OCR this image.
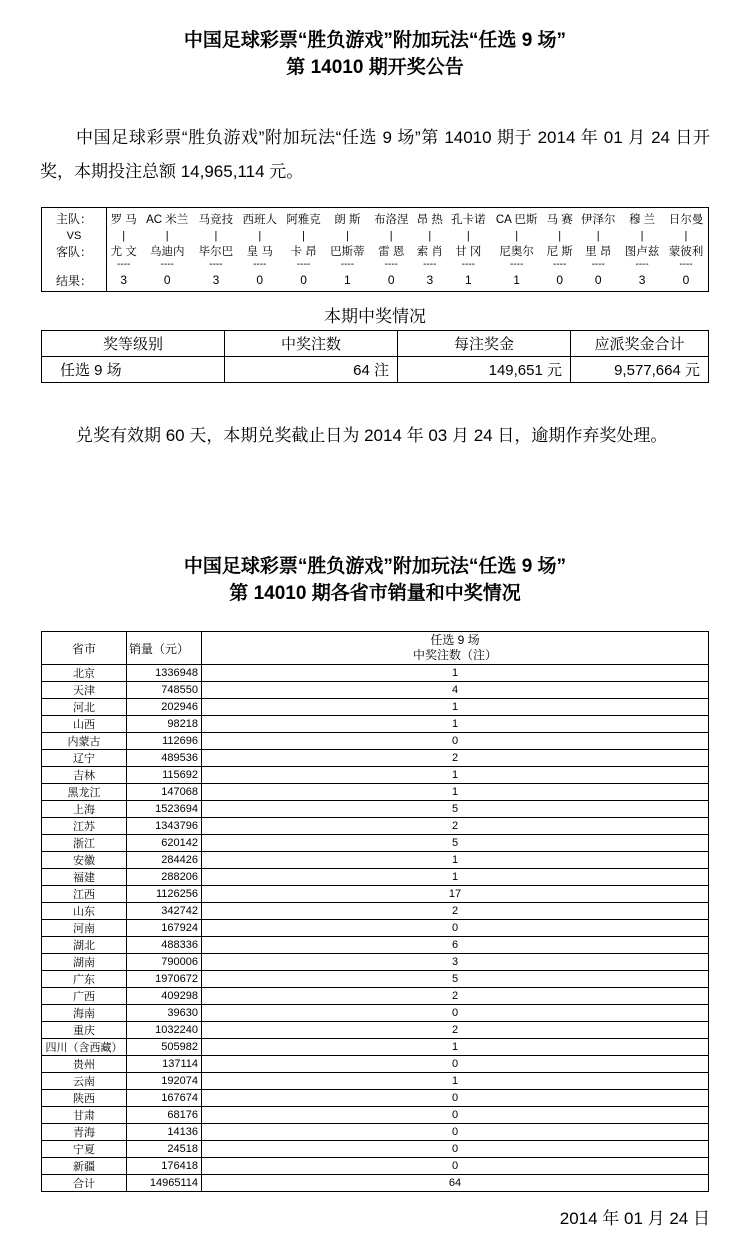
中国足球彩票“胜负游戏”附加玩法“任选 9 场”
第 14010 期开奖公告

中国足球彩票“胜负游戏”附加玩法“任选 9 场”第 14010 期于 2014 年 01 月 24 日开奖，本期投注总额 14,965,114 元。

主队：	罗 马	AC 米兰	马竞技	西班人	阿雅克	朗 斯	布洛涅	昂 热	孔卡诺	CA 巴斯	马 赛	伊泽尔	穆 兰	日尔曼
VS	|	|	|	|	|	|	|	|	|	|	|	|	|	|
客队：	尤 文	乌迪内	毕尔巴	皇 马	卡 昂	巴斯蒂	雷 恩	索 肖	甘 冈	尼奥尔	尼 斯	里 昂	图卢兹	蒙彼利
	----	----	----	----	----	----	----	----	----	----	----	----	----	----
结果：	3	0	3	0	0	1	0	3	1	1	0	0	3	0
本期中奖情况
奖等级别	中奖注数	每注奖金	应派奖金合计
任选 9 场	64 注	149,651 元	9,577,664 元

兑奖有效期 60 天，本期兑奖截止日为 2014 年 03 月 24 日，逾期作弃奖处理。

中国足球彩票“胜负游戏”附加玩法“任选 9 场”
第 14010 期各省市销量和中奖情况
省市	销量（元）	任选 9 场
中奖注数（注）

北京	1336948	1
天津	748550	4
河北	202946	1
山西	98218	1
内蒙古	112696	0
辽宁	489536	2
吉林	115692	1
黑龙江	147068	1
上海	1523694	5
江苏	1343796	2
浙江	620142	5
安徽	284426	1
福建	288206	1
江西	1126256	17
山东	342742	2
河南	167924	0
湖北	488336	6
湖南	790006	3
广东	1970672	5
广西	409298	2
海南	39630	0
重庆	1032240	2
四川（含西藏）	505982	1
贵州	137114	0
云南	192074	1
陕西	167674	0
甘肃	68176	0
青海	14136	0
宁夏	24518	0
新疆	176418	0
合计	14965114	64
2014 年 01 月 24 日
